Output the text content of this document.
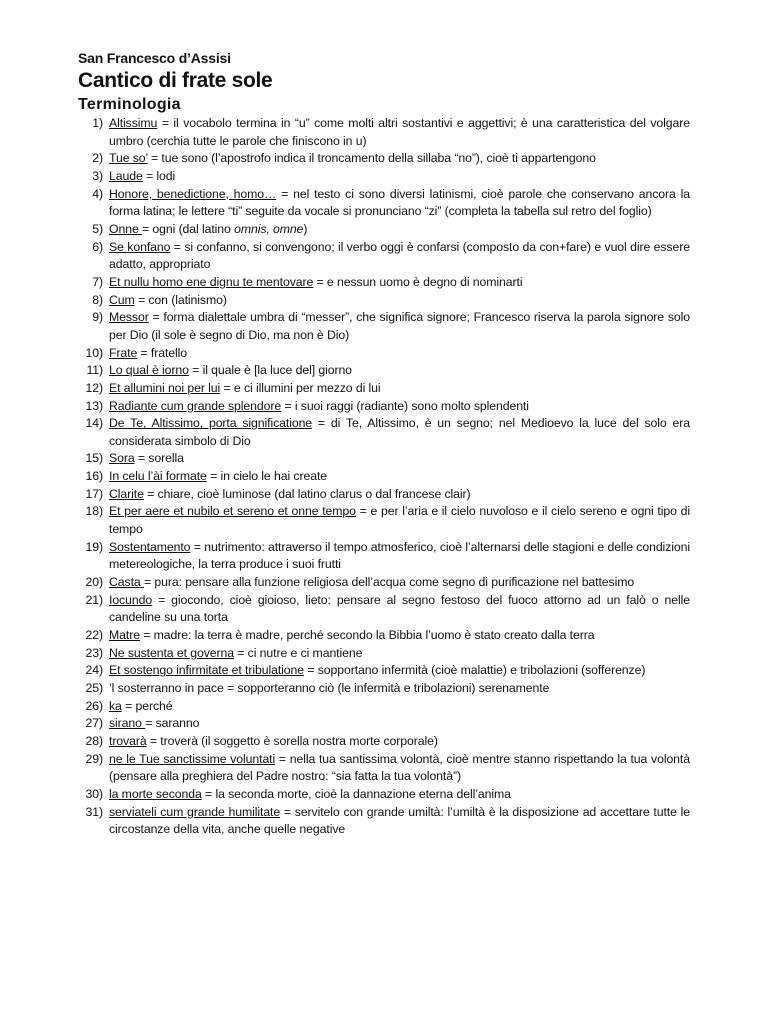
San Francesco d’Assisi
Cantico di frate sole
Terminologia
1) Altissimu = il vocabolo termina in “u” come molti altri sostantivi e aggettivi; è una caratteristica del volgare umbro (cerchia tutte le parole che finiscono in u)
2) Tue so’ = tue sono (l’apostrofo indica il troncamento della sillaba “no”), cioè ti appartengono
3) Laude = lodi
4) Honore, benedictione, homo… = nel testo ci sono diversi latinismi, cioè parole che conservano ancora la forma latina; le lettere “ti” seguite da vocale si pronunciano “zi” (completa la tabella sul retro del foglio)
5) Onne = ogni (dal latino omnis, omne)
6) Se konfano = si confanno, si convengono; il verbo oggi è confarsi (composto da con+fare) e vuol dire essere adatto, appropriato
7) Et nullu homo ene dignu te mentovare = e nessun uomo è degno di nominarti
8) Cum = con (latinismo)
9) Messor = forma dialettale umbra di “messer”, che significa signore; Francesco riserva la parola signore solo per Dio (il sole è segno di Dio, ma non è Dio)
10) Frate = fratello
11) Lo qual è iorno = il quale è [la luce del] giorno
12) Et allumini noi per lui = e ci illumini per mezzo di lui
13) Radiante cum grande splendore = i suoi raggi (radiante) sono molto splendenti
14) De Te, Altissimo, porta significatione = di Te, Altissimo, è un segno; nel Medioevo la luce del solo era considerata simbolo di Dio
15) Sora = sorella
16) In celu l’ài formate = in cielo le hai create
17) Clarite = chiare, cioè luminose (dal latino clarus o dal francese clair)
18) Et per aere et nubilo et sereno et onne tempo = e per l’aria e il cielo nuvoloso e il cielo sereno e ogni tipo di tempo
19) Sostentamento = nutrimento: attraverso il tempo atmosferico, cioè l’alternarsi delle stagioni e delle condizioni metereologiche, la terra produce i suoi frutti
20) Casta = pura: pensare alla funzione religiosa dell’acqua come segno di purificazione nel battesimo
21) Iocundo = giocondo, cioè gioioso, lieto: pensare al segno festoso del fuoco attorno ad un falò o nelle candeline su una torta
22) Matre = madre: la terra è madre, perché secondo la Bibbia l’uomo è stato creato dalla terra
23) Ne sustenta et governa = ci nutre e ci mantiene
24) Et sostengo infirmitate et tribulatione = sopportano infermità (cioè malattie) e tribolazioni (sofferenze)
25) ’l sosterranno in pace = sopporteranno ciò (le infermità e tribolazioni) serenamente
26) ka = perché
27) sirano = saranno
28) trovarà = troverà (il soggetto è sorella nostra morte corporale)
29) ne le Tue sanctissime voluntati = nella tua santissima volontà, cioè mentre stanno rispettando la tua volontà (pensare alla preghiera del Padre nostro: “sia fatta la tua volontà”)
30) la morte seconda = la seconda morte, cioè la dannazione eterna dell’anima
31) serviateli cum grande humilitate = servitelo con grande umiltà: l’umiltà è la disposizione ad accettare tutte le circostanze della vita, anche quelle negative
